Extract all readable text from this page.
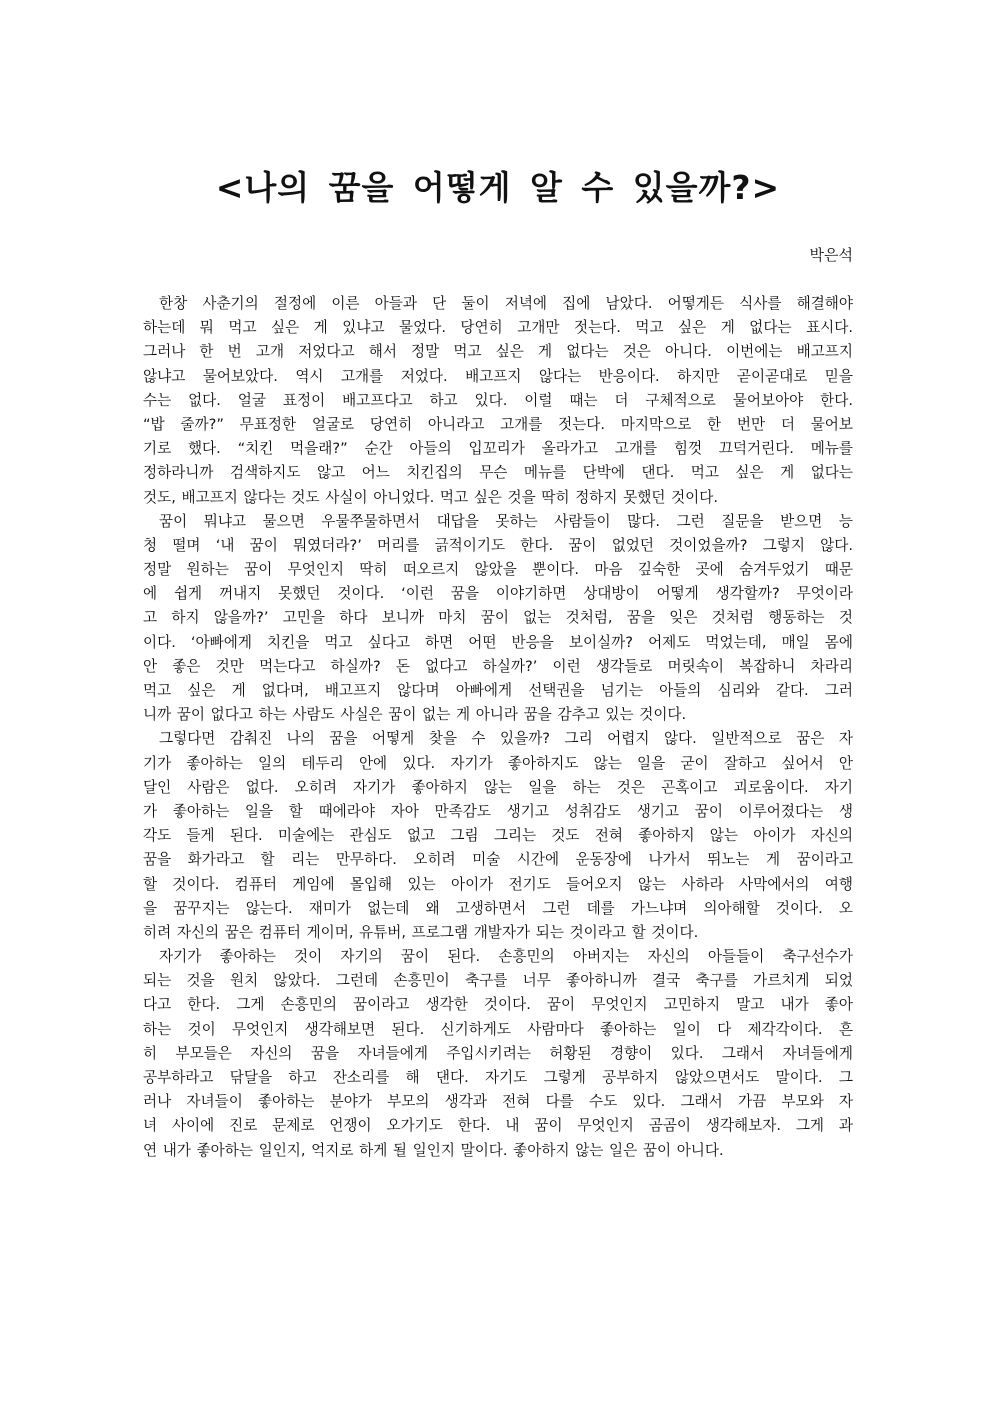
<나의 꿈을 어떻게 알 수 있을까?>

박은석

한창 사춘기의 절정에 이른 아들과 단 둘이 저녁에 집에 남았다. 어떻게든 식사를 해결해야
하는데 뭐 먹고 싶은 게 있냐고 물었다. 당연히 고개만 젓는다. 먹고 싶은 게 없다는 표시다.
그러나 한 번 고개 저었다고 해서 정말 먹고 싶은 게 없다는 것은 아니다. 이번에는 배고프지
않냐고 물어보았다. 역시 고개를 저었다. 배고프지 않다는 반응이다. 하지만 곧이곧대로 믿을
수는 없다. 얼굴 표정이 배고프다고 하고 있다. 이럴 때는 더 구체적으로 물어보아야 한다.
“밥 줄까?” 무표정한 얼굴로 당연히 아니라고 고개를 젓는다. 마지막으로 한 번만 더 물어보
기로 했다. “치킨 먹을래?” 순간 아들의 입꼬리가 올라가고 고개를 힘껏 끄덕거린다. 메뉴를
정하라니까 검색하지도 않고 어느 치킨집의 무슨 메뉴를 단박에 댄다. 먹고 싶은 게 없다는
것도, 배고프지 않다는 것도 사실이 아니었다. 먹고 싶은 것을 딱히 정하지 못했던 것이다.
꿈이 뭐냐고 물으면 우물쭈물하면서 대답을 못하는 사람들이 많다. 그런 질문을 받으면 능
청 떨며 ‘내 꿈이 뭐였더라?’ 머리를 긁적이기도 한다. 꿈이 없었던 것이었을까? 그렇지 않다.
정말 원하는 꿈이 무엇인지 딱히 떠오르지 않았을 뿐이다. 마음 깊숙한 곳에 숨겨두었기 때문
에 쉽게 꺼내지 못했던 것이다. ‘이런 꿈을 이야기하면 상대방이 어떻게 생각할까? 무엇이라
고 하지 않을까?’ 고민을 하다 보니까 마치 꿈이 없는 것처럼, 꿈을 잊은 것처럼 행동하는 것
이다. ‘아빠에게 치킨을 먹고 싶다고 하면 어떤 반응을 보이실까? 어제도 먹었는데, 매일 몸에
안 좋은 것만 먹는다고 하실까? 돈 없다고 하실까?’ 이런 생각들로 머릿속이 복잡하니 차라리
먹고 싶은 게 없다며, 배고프지 않다며 아빠에게 선택권을 넘기는 아들의 심리와 같다. 그러
니까 꿈이 없다고 하는 사람도 사실은 꿈이 없는 게 아니라 꿈을 감추고 있는 것이다.
그렇다면 감춰진 나의 꿈을 어떻게 찾을 수 있을까? 그리 어렵지 않다. 일반적으로 꿈은 자
기가 좋아하는 일의 테두리 안에 있다. 자기가 좋아하지도 않는 일을 굳이 잘하고 싶어서 안
달인 사람은 없다. 오히려 자기가 좋아하지 않는 일을 하는 것은 곤혹이고 괴로움이다. 자기
가 좋아하는 일을 할 때에라야 자아 만족감도 생기고 성취감도 생기고 꿈이 이루어졌다는 생
각도 들게 된다. 미술에는 관심도 없고 그림 그리는 것도 전혀 좋아하지 않는 아이가 자신의
꿈을 화가라고 할 리는 만무하다. 오히려 미술 시간에 운동장에 나가서 뛰노는 게 꿈이라고
할 것이다. 컴퓨터 게임에 몰입해 있는 아이가 전기도 들어오지 않는 사하라 사막에서의 여행
을 꿈꾸지는 않는다. 재미가 없는데 왜 고생하면서 그런 데를 가느냐며 의아해할 것이다. 오
히려 자신의 꿈은 컴퓨터 게이머, 유튜버, 프로그램 개발자가 되는 것이라고 할 것이다.
자기가 좋아하는 것이 자기의 꿈이 된다. 손흥민의 아버지는 자신의 아들들이 축구선수가
되는 것을 원치 않았다. 그런데 손흥민이 축구를 너무 좋아하니까 결국 축구를 가르치게 되었
다고 한다. 그게 손흥민의 꿈이라고 생각한 것이다. 꿈이 무엇인지 고민하지 말고 내가 좋아
하는 것이 무엇인지 생각해보면 된다. 신기하게도 사람마다 좋아하는 일이 다 제각각이다. 흔
히 부모들은 자신의 꿈을 자녀들에게 주입시키려는 허황된 경향이 있다. 그래서 자녀들에게
공부하라고 닦달을 하고 잔소리를 해 댄다. 자기도 그렇게 공부하지 않았으면서도 말이다. 그
러나 자녀들이 좋아하는 분야가 부모의 생각과 전혀 다를 수도 있다. 그래서 가끔 부모와 자
녀 사이에 진로 문제로 언쟁이 오가기도 한다. 내 꿈이 무엇인지 곰곰이 생각해보자. 그게 과
연 내가 좋아하는 일인지, 억지로 하게 될 일인지 말이다. 좋아하지 않는 일은 꿈이 아니다.
